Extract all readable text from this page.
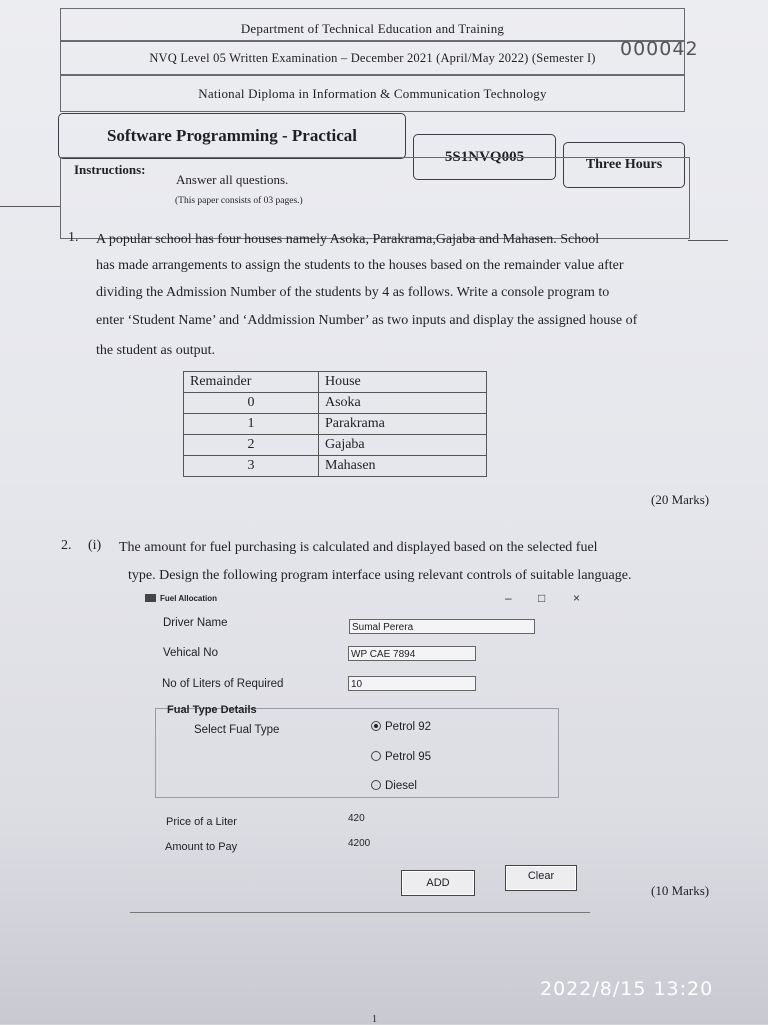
Department of Technical Education and Training
NVQ Level 05 Written Examination – December 2021 (April/May 2022) (Semester I)
National Diploma in Information & Communication Technology
000042
Software Programming - Practical
5S1NVQ005	Three Hours
Instructions:
Answer all questions.
(This paper consists of 03 pages.)
1. A popular school has four houses namely Asoka, Parakrama,Gajaba and Mahasen. School
has made arrangements to assign the students to the houses based on the remainder value after
dividing the Admission Number of the students by 4 as follows. Write a console program to
enter ‘Student Name’ and ‘Addmission Number’ as two inputs and display the assigned house of
the student as output.
Remainder	House
0	Asoka
1	Parakrama
2	Gajaba
3	Mahasen
(20 Marks)
2. (i) The amount for fuel purchasing is calculated and displayed based on the selected fuel
type. Design the following program interface using relevant controls of suitable language.
Fuel Allocation	– □ ×
Driver Name	Sumal Perera
Vehical No	WP CAE 7894
No of Liters of Required	10
Fual Type Details
Select Fual Type	Petrol 92
Petrol 95
Diesel
Price of a Liter	420
Amount to Pay	4200
ADD
Clear
(10 Marks)
1
2022/8/15 13:20
